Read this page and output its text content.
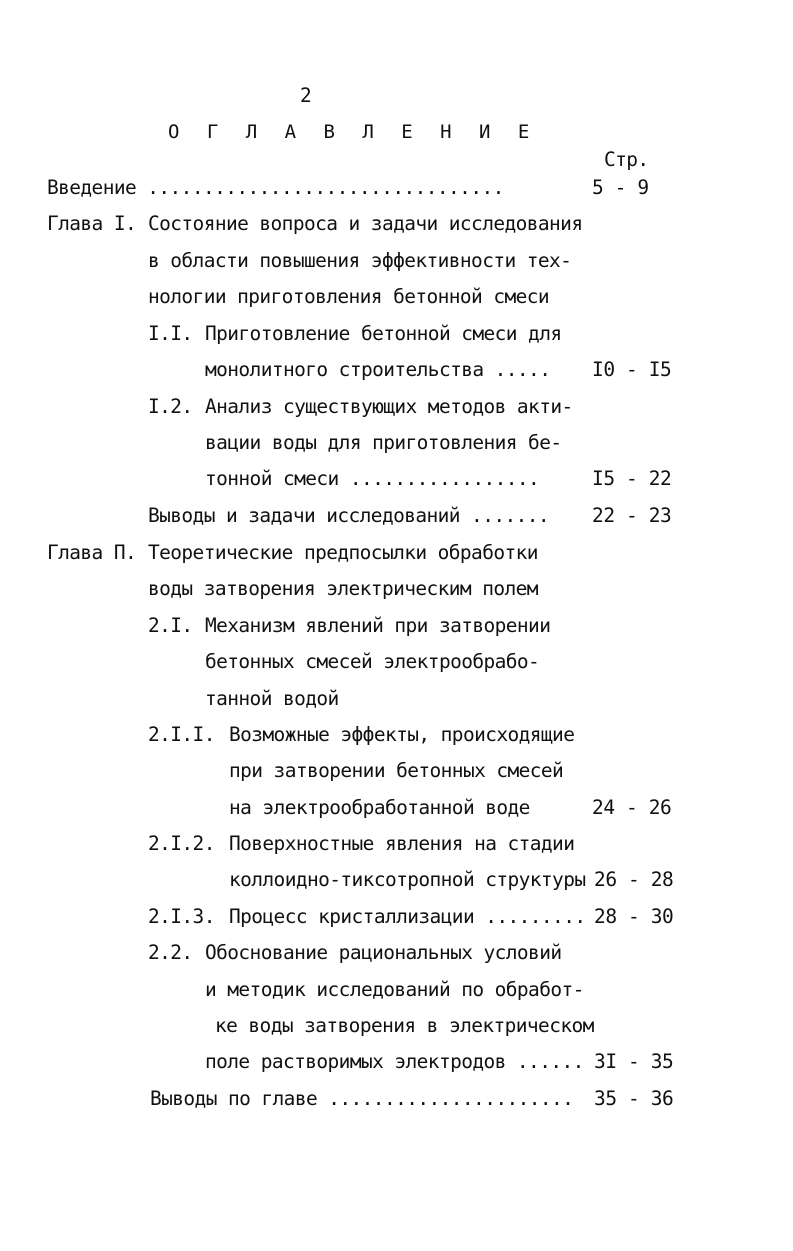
2
О Г Л А В Л Е Н И Е
Стр.
Введение ................................	5 - 9
Глава I. Состояние вопроса и задачи исследования
в области повышения эффективности тех-
нологии приготовления бетонной смеси
I.I. Приготовление бетонной смеси для
монолитного строительства ..... I0 - I5
I.2. Анализ существующих методов акти-
вации воды для приготовления бе-
тонной смеси .................	I5 - 22
Выводы и задачи исследований ....... 22 - 23
Глава П. Теоретические предпосылки обработки
воды затворения электрическим полем
2.I. Механизм явлений при затворении
бетонных смесей электрообрабо-
танной водой
2.I.I. Возможные эффекты, происходящие
при затворении бетонных смесей
на электрообработанной воде	24 - 26
2.I.2. Поверхностные явления на стадии
коллоидно-тиксотропной структуры 26 - 28
2.I.3. Процесс кристаллизации ......... 28 - 30
2.2. Обоснование рациональных условий
и методик исследований по обработ-
ке воды затворения в электрическом
поле растворимых электродов ...... 3I - 35
Выводы по главе ...................... 35 - 36
